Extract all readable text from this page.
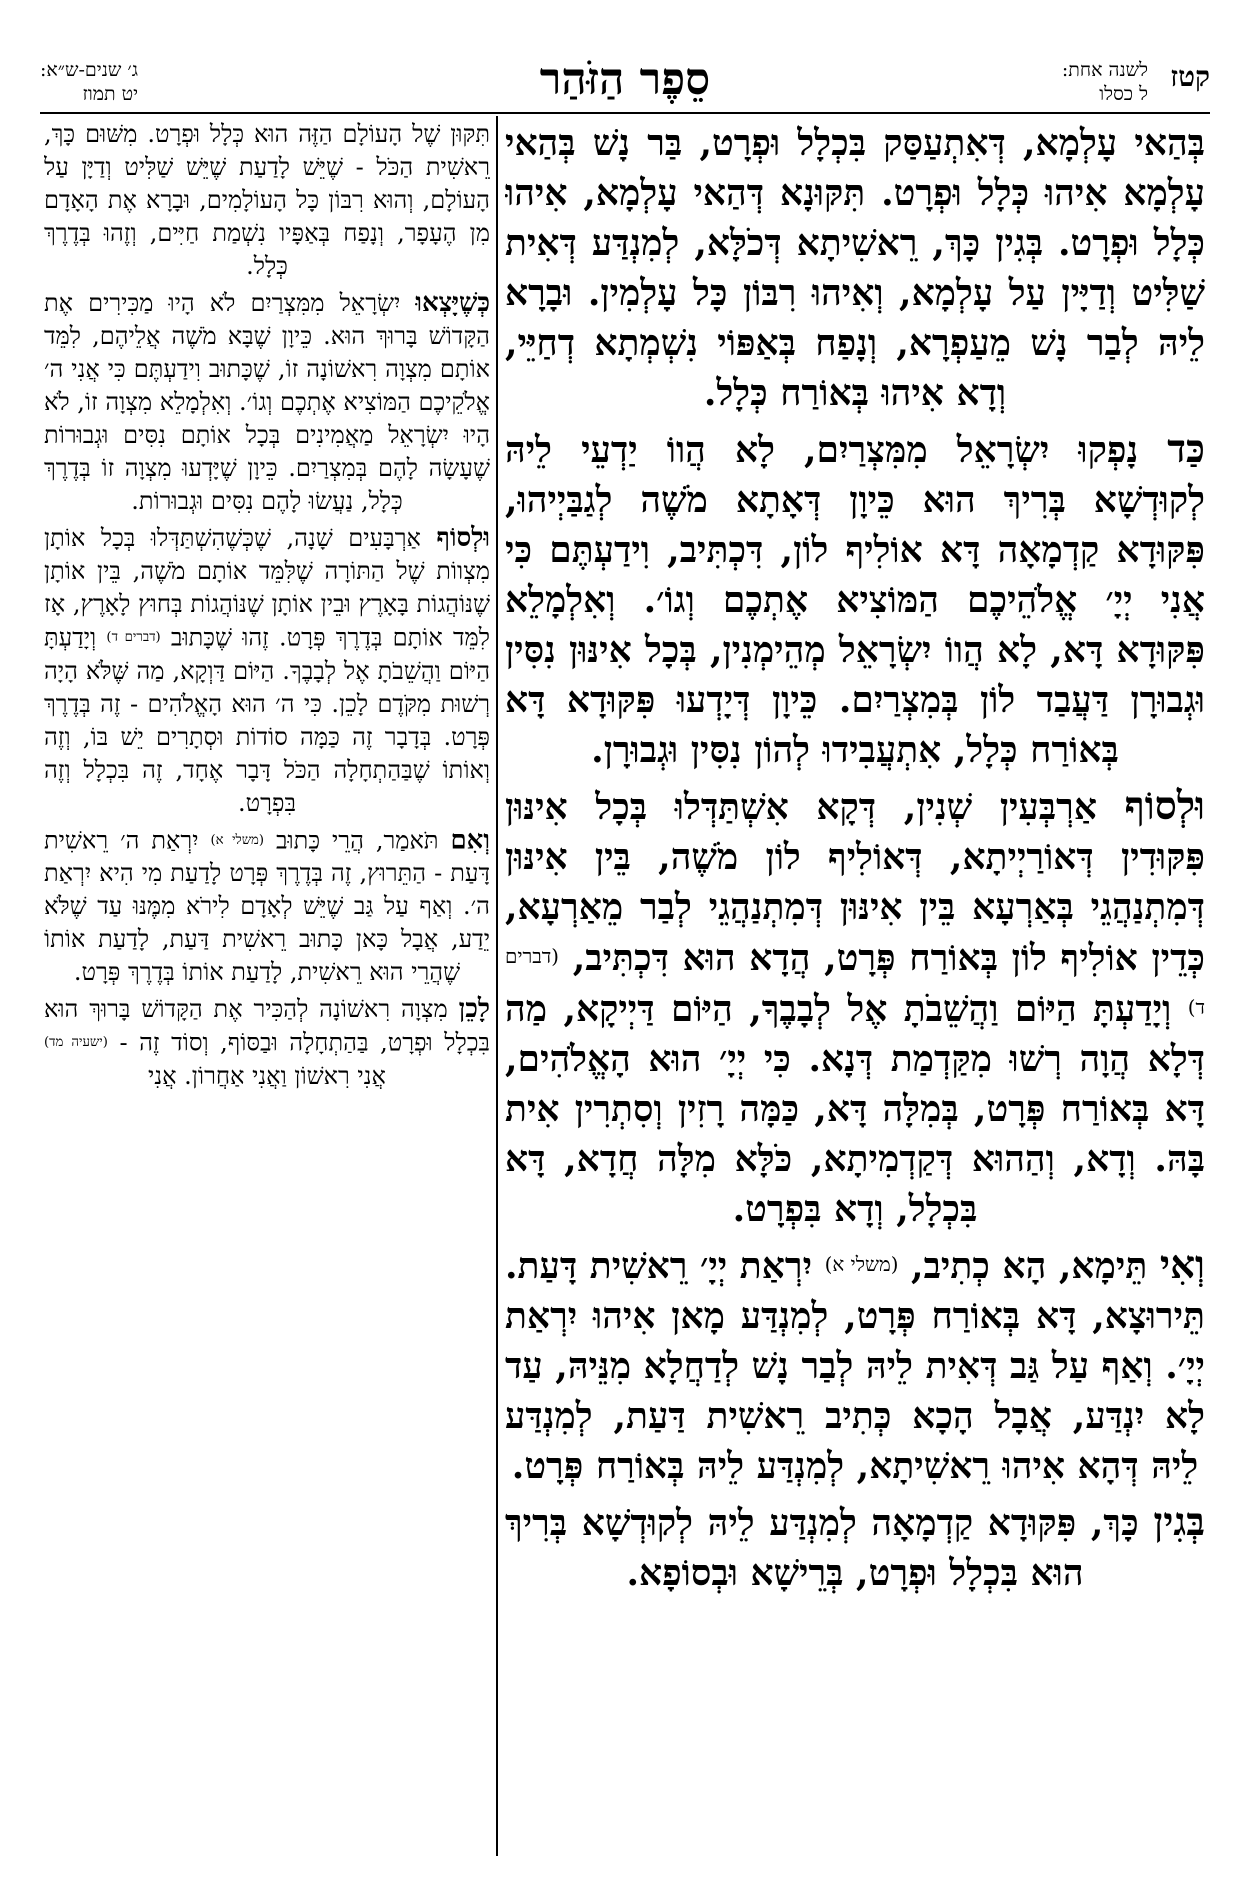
קטז
לשנה אחת:
ל כסלו
סֵפֶר הַזֹּהַר
ג׳ שנים-ש״א:
יט תמוז

בְּהַאי עָלְמָא, דְּאִתְעַסַּק בִּכְלָל וּפְרָט, בַּר נָשׁ בְּהַאי עָלְמָא אִיהוּ כְּלָל וּפְרָט. תִּקּוּנָא דְּהַאי עָלְמָא, אִיהוּ כְּלָל וּפְרָט. בְּגִין כָּךְ, רֵאשִׁיתָא דְּכֹלָּא, לְמִנְדַּע דְּאִית שַׁלִּיט וְדַיָּין עַל עָלְמָא, וְאִיהוּ רִבּוֹן כָּל עָלְמִין. וּבָרָא לֵיהּ לְבַר נָשׁ מֵעַפְרָא, וְנָפַח בְּאַפּוֹי נִשְׁמְתָא דְחַיֵּי, וְדָא אִיהוּ בְּאוֹרַח כְּלָל.

כַּד נָפְקוּ יִשְׂרָאֵל מִמִּצְרַיִם, לָא הֲווֹ יַדְעֵי לֵיהּ לְקוּדְשָׁא בְּרִיךְ הוּא כֵּיוָן דְּאָתָא מֹשֶׁה לְגַבַּיְיהוּ, פִּקּוּדָא קַדְמָאָה דָּא אוֹלִיף לוֹן, דִּכְתִּיב, וִידַעְתֶּם כִּי אֲנִי יְיָ׳ אֱלֹהֵיכֶם הַמּוֹצִיא אֶתְכֶם וְגוֹ׳. וְאִלְמָלֵא פִּקּוּדָא דָּא, לָא הֲווֹ יִשְׂרָאֵל מְהֵימְנִין, בְּכָל אִינּוּן נִסִּין וּגְבוּרָן דַּעֲבַד לוֹן בְּמִצְרַיִם. כֵּיוָן דְּיָדְעוּ פִּקּוּדָא דָּא בְּאוֹרַח כְּלָל, אִתְעֲבִידוּ לְהוֹן נִסִּין וּגְבוּרָן.

וּלְסוֹף אַרְבְּעִין שְׁנִין, דְּקָא אִשְׁתַּדְּלוּ בְּכָל אִינּוּן פִּקּוּדִין דְּאוֹרַיְיתָא, דְּאוֹלִיף לוֹן מֹשֶׁה, בֵּין אִינּוּן דְּמִתְנַהֲגֵי בְּאַרְעָא בֵּין אִינּוּן דְּמִתְנַהֲגֵי לְבַר מֵאַרְעָא, כְּדֵין אוֹלִיף לוֹן בְּאוֹרַח פְּרָט, הֲדָא הוּא דִּכְתִּיב, (דברים ד) וְיָדַעְתָּ הַיּוֹם וַהֲשֵׁבֹתָ אֶל לְבָבֶךָ, הַיּוֹם דַּיְיקָא, מַה דְּלָא הֲוָה רְשׁוּ מִקַּדְמַת דְּנָא. כִּי יְיָ׳ הוּא הָאֱלֹהִים, דָּא בְּאוֹרַח פְּרָט, בְּמִלָּה דָּא, כַּמָּה רָזִין וְסִתְרִין אִית בָּהּ. וְדָא, וְהַהוּא דְּקַדְמִיתָא, כֹּלָּא מִלָּה חֲדָא, דָּא בִּכְלָל, וְדָא בִּפְרָט.

וְאִי תֵּימָא, הָא כְתִיב, (משלי א) יִרְאַת יְיָ׳ רֵאשִׁית דָּעַת. תֵּירוּצָא, דָּא בְּאוֹרַח פְּרָט, לְמִנְדַּע מָאן אִיהוּ יִרְאַת יְיָ׳. וְאַף עַל גַּב דְּאִית לֵיהּ לְבַר נָשׁ לְדַחֲלָא מִנֵּיהּ, עַד לָא יִנְדַּע, אֲבָל הָכָא כְּתִיב רֵאשִׁית דַּעַת, לְמִנְדַּע לֵיהּ דְּהָא אִיהוּ רֵאשִׁיתָא, לְמִנְדַּע לֵיהּ בְּאוֹרַח פְּרָט.

בְּגִין כָּךְ, פִּקּוּדָא קַדְמָאָה לְמִנְדַּע לֵיהּ לְקוּדְשָׁא בְּרִיךְ הוּא בִּכְלָל וּפְרָט, בְּרֵישָׁא וּבְסוֹפָא.

תִּקּוּן שֶׁל הָעוֹלָם הַזֶּה הוּא כְּלָל וּפְרָט. מִשּׁוּם כָּךְ, רֵאשִׁית הַכֹּל - שֶׁיֵּשׁ לָדַעַת שֶׁיֵּשׁ שַׁלִּיט וְדַיָּן עַל הָעוֹלָם, וְהוּא רִבּוֹן כָּל הָעוֹלָמִים, וּבָרָא אֶת הָאָדָם מִן הֶעָפָר, וְנָפַח בְּאַפָּיו נִשְׁמַת חַיִּים, וְזֶהוּ בְּדֶרֶךְ כְּלָל.

כְּשֶׁיָּצְאוּ יִשְׂרָאֵל מִמִּצְרַיִם לֹא הָיוּ מַכִּירִים אֶת הַקָּדוֹשׁ בָּרוּךְ הוּא. כֵּיוָן שֶׁבָּא מֹשֶׁה אֲלֵיהֶם, לִמֵּד אוֹתָם מִצְוָה רִאשׁוֹנָה זוֹ, שֶׁכָּתוּב וִידַעְתֶּם כִּי אֲנִי ה׳ אֱלֹקֵיכֶם הַמּוֹצִיא אֶתְכֶם וְגוֹ׳. וְאִלְמָלֵא מִצְוָה זוֹ, לֹא הָיוּ יִשְׂרָאֵל מַאֲמִינִים בְּכָל אוֹתָם נִסִּים וּגְבוּרוֹת שֶׁעָשָׂה לָהֶם בְּמִצְרַיִם. כֵּיוָן שֶׁיָּדְעוּ מִצְוָה זוֹ בְּדֶרֶךְ כְּלָל, נַעֲשׂוּ לָהֶם נִסִּים וּגְבוּרוֹת.

וּלְסוֹף אַרְבָּעִים שָׁנָה, שֶׁכְּשֶׁהִשְׁתַּדְּלוּ בְּכָל אוֹתָן מִצְווֹת שֶׁל הַתּוֹרָה שֶׁלִּמֵּד אוֹתָם מֹשֶׁה, בֵּין אוֹתָן שֶׁנּוֹהֲגוֹת בָּאָרֶץ וּבֵין אוֹתָן שֶׁנּוֹהֲגוֹת בְּחוּץ לָאָרֶץ, אָז לִמֵּד אוֹתָם בְּדֶרֶךְ פְּרָט. זֶהוּ שֶׁכָּתוּב (דברים ד) וְיָדַעְתָּ הַיּוֹם וַהֲשֵׁבֹתָ אֶל לְבָבֶךָ. הַיּוֹם דַּוְקָא, מַה שֶּׁלֹּא הָיָה רְשׁוּת מִקֹּדֶם לָכֵן. כִּי ה׳ הוּא הָאֱלֹהִים - זֶה בְּדֶרֶךְ פְּרָט. בְּדָבָר זֶה כַּמָּה סוֹדוֹת וּסְתָרִים יֵשׁ בּוֹ, וְזֶה וְאוֹתוֹ שֶׁבַּהַתְחָלָה הַכֹּל דָּבָר אֶחָד, זֶה בִּכְלָל וְזֶה בִּפְרָט.

וְאִם תֹּאמַר, הֲרֵי כָּתוּב (משלי א) יִרְאַת ה׳ רֵאשִׁית דָּעַת - הַתֵּרוּץ, זֶה בְּדֶרֶךְ פְּרָט לָדַעַת מִי הִיא יִרְאַת ה׳. וְאַף עַל גַּב שֶׁיֵּשׁ לְאָדָם לִירֹא מִמֶּנּוּ עַד שֶׁלֹּא יֵדַע, אֲבָל כָּאן כָּתוּב רֵאשִׁית דַּעַת, לָדַעַת אוֹתוֹ שֶׁהֲרֵי הוּא רֵאשִׁית, לָדַעַת אוֹתוֹ בְּדֶרֶךְ פְּרָט.

לָכֵן מִצְוָה רִאשׁוֹנָה לְהַכִּיר אֶת הַקָּדוֹשׁ בָּרוּךְ הוּא בִּכְלָל וּפְרָט, בַּהַתְחָלָה וּבַסּוֹף, וְסוֹד זֶה - (ישעיה מד) אֲנִי רִאשׁוֹן וַאֲנִי אַחֲרוֹן. אֲנִי
